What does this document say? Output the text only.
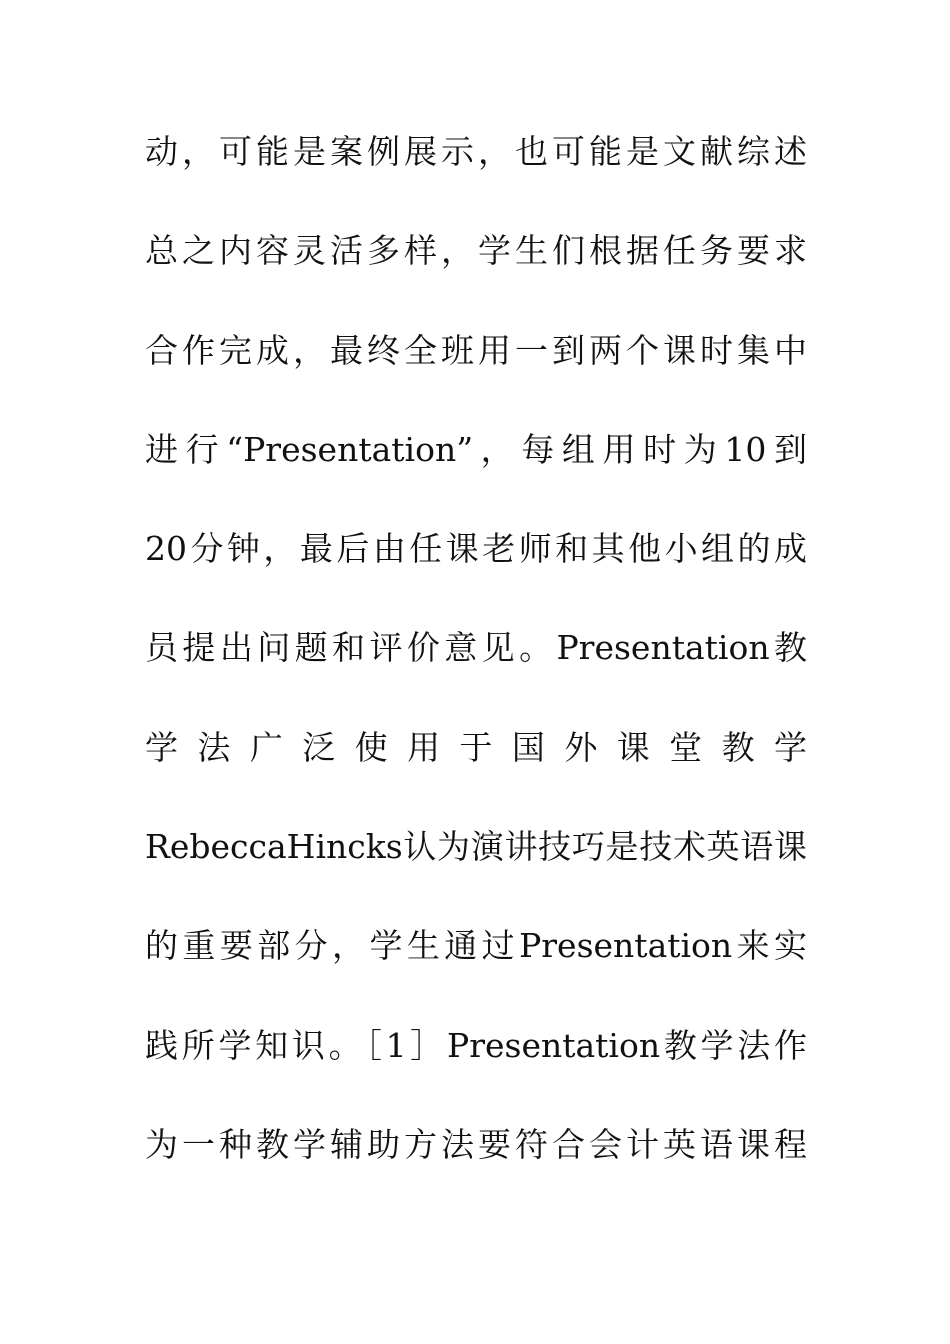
动，可能是案例展示，也可能是文献综述
总之内容灵活多样，学生们根据任务要求
合作完成，最终全班用一到两个课时集中
进行“Presentation”，每组用时为10到
20分钟，最后由任课老师和其他小组的成
员提出问题和评价意见。Presentation教
学 法 广 泛 使 用 于 国 外 课 堂 教 学
RebeccaHincks认为演讲技巧是技术英语课
的重要部分，学生通过Presentation来实
践所学知识。［1］Presentation教学法作
为一种教学辅助方法要符合会计英语课程
